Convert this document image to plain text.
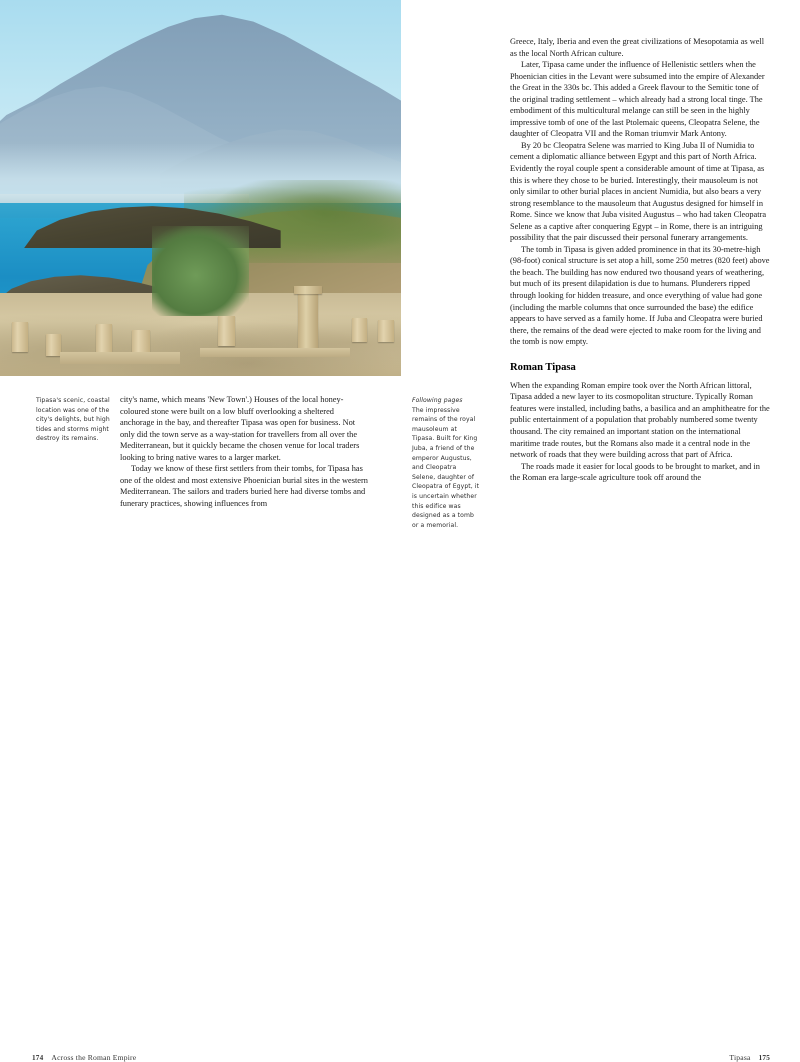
Tipasa's scenic, coastal location was one of the city's delights, but high tides and storms might destroy its remains.

city's name, which means 'New Town'.) Houses of the local honey-coloured stone were built on a low bluff overlooking a sheltered anchorage in the bay, and thereafter Tipasa was open for business. Not only did the town serve as a way-station for travellers from all over the Mediterranean, but it quickly became the chosen venue for local traders looking to bring native wares to a larger market.

Today we know of these first settlers from their tombs, for Tipasa has one of the oldest and most extensive Phoenician burial sites in the western Mediterranean. The sailors and traders buried here had diverse tombs and funerary practices, showing influences from

Following pages
The impressive remains of the royal mausoleum at Tipasa. Built for King Juba, a friend of the emperor Augustus, and Cleopatra Selene, daughter of Cleopatra of Egypt, it is uncertain whether this edifice was designed as a tomb or a memorial.

Greece, Italy, Iberia and even the great civilizations of Mesopotamia as well as the local North African culture.

Later, Tipasa came under the influence of Hellenistic settlers when the Phoenician cities in the Levant were subsumed into the empire of Alexander the Great in the 330s bc. This added a Greek flavour to the Semitic tone of the original trading settlement – which already had a strong local tinge. The embodiment of this multicultural melange can still be seen in the highly impressive tomb of one of the last Ptolemaic queens, Cleopatra Selene, the daughter of Cleopatra VII and the Roman triumvir Mark Antony.

By 20 bc Cleopatra Selene was married to King Juba II of Numidia to cement a diplomatic alliance between Egypt and this part of North Africa. Evidently the royal couple spent a considerable amount of time at Tipasa, as this is where they chose to be buried. Interestingly, their mausoleum is not only similar to other burial places in ancient Numidia, but also bears a very strong resemblance to the mausoleum that Augustus designed for himself in Rome. Since we know that Juba visited Augustus – who had taken Cleopatra Selene as a captive after conquering Egypt – in Rome, there is an intriguing possibility that the pair discussed their personal funerary arrangements.

The tomb in Tipasa is given added prominence in that its 30-metre-high (98-foot) conical structure is set atop a hill, some 250 metres (820 feet) above the beach. The building has now endured two thousand years of weathering, but much of its present dilapidation is due to humans. Plunderers ripped through looking for hidden treasure, and once everything of value had gone (including the marble columns that once surrounded the base) the edifice appears to have served as a family home. If Juba and Cleopatra were buried there, the remains of the dead were ejected to make room for the living and the tomb is now empty.

Roman Tipasa

When the expanding Roman empire took over the North African littoral, Tipasa added a new layer to its cosmopolitan structure. Typically Roman features were installed, including baths, a basilica and an amphitheatre for the public entertainment of a population that probably numbered some twenty thousand. The city remained an important station on the international maritime trade routes, but the Romans also made it a central node in the network of roads that they were building across that part of Africa.

The roads made it easier for local goods to be brought to market, and in the Roman era large-scale agriculture took off around the

174 Across the Roman Empire	Tipasa 175
